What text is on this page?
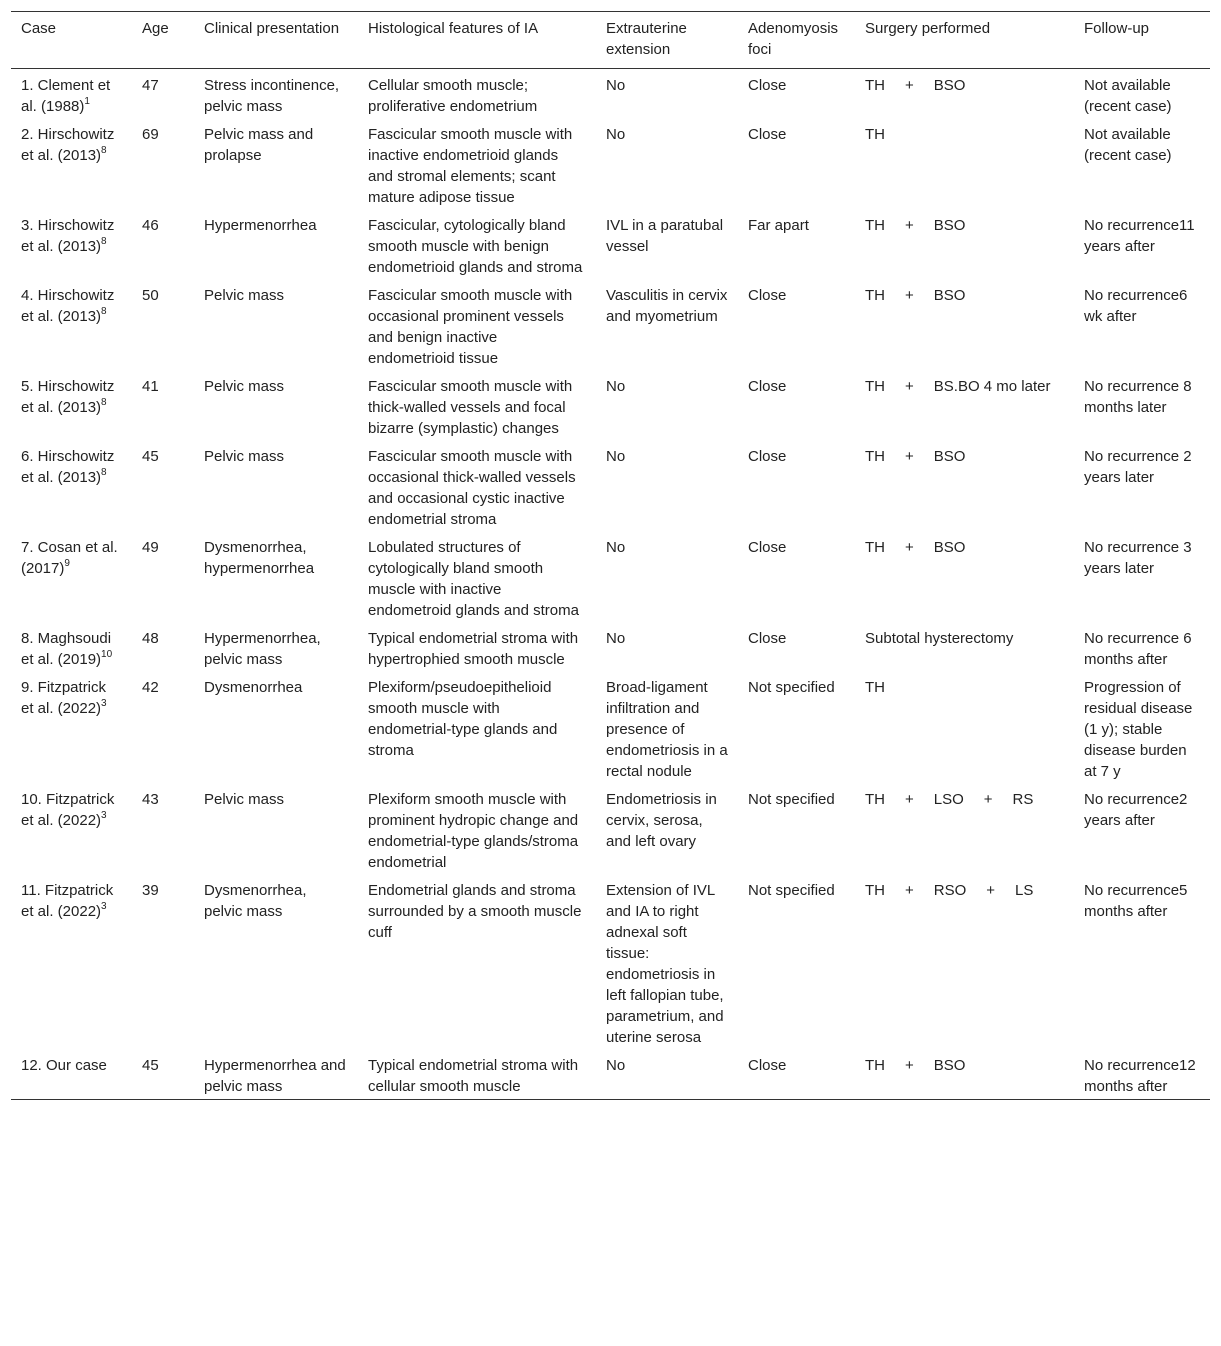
Case	Age	Clinical presentation	Histological features of IA	Extrauterine extension	Adenomyosis foci	Surgery performed	Follow-up
1. Clement et al. $(1988)^1$	47	Stress incontinence, pelvic mass	Cellular smooth muscle; proliferative endometrium	No	Close	TH + BSO	Not available (recent case)
2. Hirschowitz et al. $(2013)^8$	69	Pelvic mass and prolapse	Fascicular smooth muscle with inactive endometrioid glands and stromal elements; scant mature adipose tissue	No	Close	TH	Not available (recent case)
3. Hirschowitz et al. $(2013)^8$	46	Hypermenorrhea	Fascicular, cytologically bland smooth muscle with benign endometrioid glands and stroma	IVL in a paratubal vessel	Far apart	TH + BSO	No recurrence11 years after
4. Hirschowitz et al. $(2013)^8$	50	Pelvic mass	Fascicular smooth muscle with occasional prominent vessels and benign inactive endometrioid tissue	Vasculitis in cervix and myometrium	Close	TH + BSO	No recurrence6 wk after
5. Hirschowitz et al. $(2013)^8$	41	Pelvic mass	Fascicular smooth muscle with thick-walled vessels and focal bizarre (symplastic) changes	No	Close	TH + BS.BO 4 mo later	No recurrence 8 months later
6. Hirschowitz et al. $(2013)^8$	45	Pelvic mass	Fascicular smooth muscle with occasional thick-walled vessels and occasional cystic inactive endometrial stroma	No	Close	TH + BSO	No recurrence 2 years later
7. Cosan et al. $(2017)^9$	49	Dysmenorrhea, hypermenorrhea	Lobulated structures of cytologically bland smooth muscle with inactive endometroid glands and stroma	No	Close	TH + BSO	No recurrence 3 years later
8. Maghsoudi et al. $(2019)^{10}$	48	Hypermenorrhea, pelvic mass	Typical endometrial stroma with hypertrophied smooth muscle	No	Close	Subtotal hysterectomy	No recurrence 6 months after
9. Fitzpatrick et al. $(2022)^3$	42	Dysmenorrhea	Plexiform/pseudoepithelioid smooth muscle with endometrial-type glands and stroma	Broad-ligament infiltration and presence of endometriosis in a rectal nodule	Not specified	TH	Progression of residual disease (1 y); stable disease burden at 7 y
10. Fitzpatrick et al. $(2022)^3$	43	Pelvic mass	Plexiform smooth muscle with prominent hydropic change and endometrial-type glands/stroma endometrial	Endometriosis in cervix, serosa, and left ovary	Not specified	TH + LSO + RS	No recurrence2 years after
11. Fitzpatrick et al. $(2022)^3$	39	Dysmenorrhea, pelvic mass	Endometrial glands and stroma surrounded by a smooth muscle cuff	Extension of IVL and IA to right adnexal soft tissue: endometriosis in left fallopian tube, parametrium, and uterine serosa	Not specified	TH + RSO + LS	No recurrence5 months after
12. Our case	45	Hypermenorrhea and pelvic mass	Typical endometrial stroma with cellular smooth muscle	No	Close	TH + BSO	No recurrence12 months after
